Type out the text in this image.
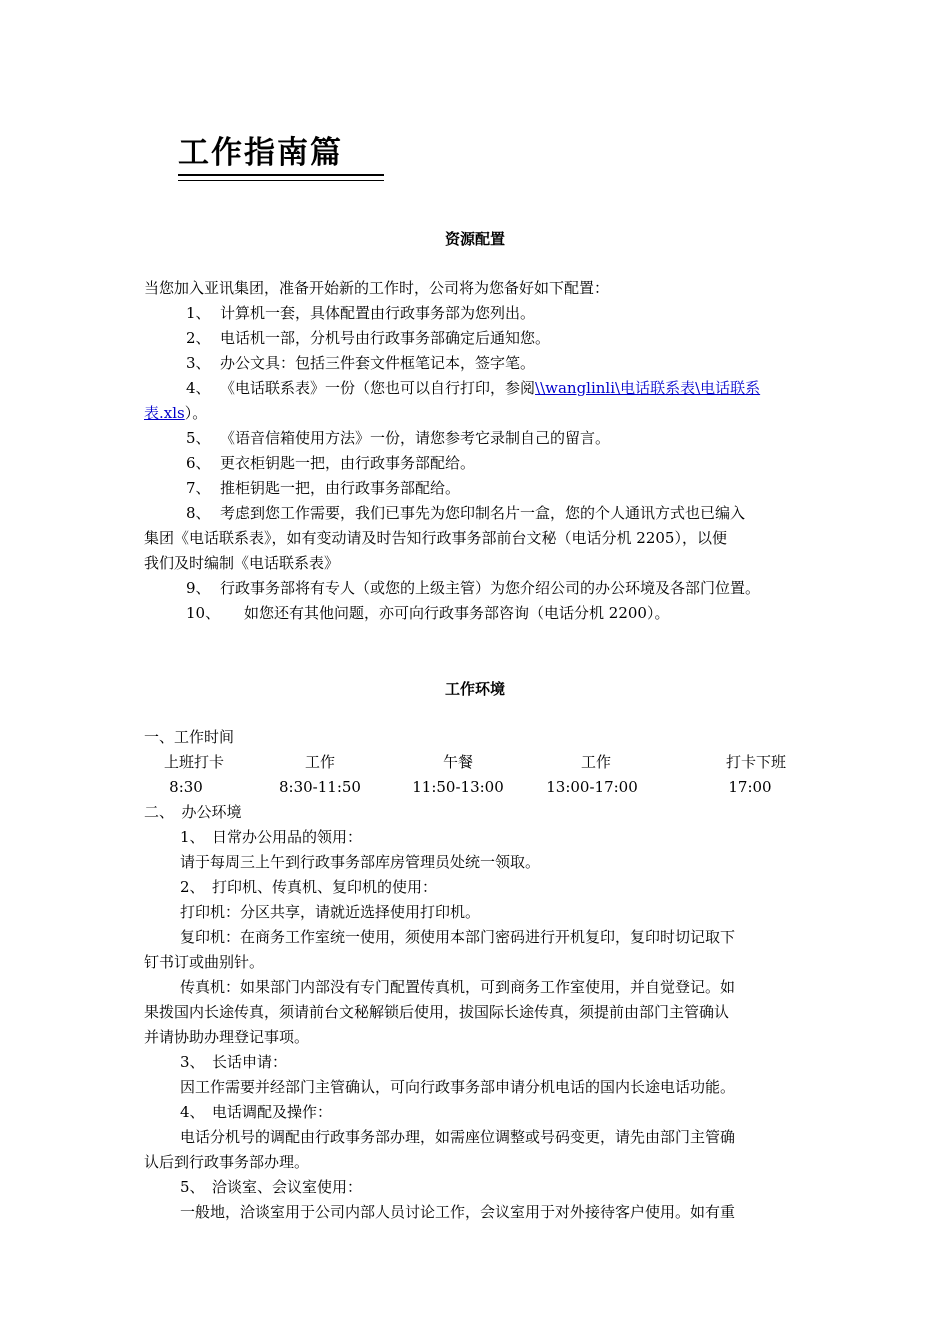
工作指南篇
资源配置
当您加入亚讯集团，准备开始新的工作时，公司将为您备好如下配置：
1、 计算机一套，具体配置由行政事务部为您列出。
2、 电话机一部，分机号由行政事务部确定后通知您。
3、 办公文具：包括三件套文件框笔记本，签字笔。
4、 《电话联系表》一份（您也可以自行打印，参阅\\wanglinli\电话联系表\电话联系
表.xls）。
5、 《语音信箱使用方法》一份，请您参考它录制自己的留言。
6、 更衣柜钥匙一把，由行政事务部配给。
7、 推柜钥匙一把，由行政事务部配给。
8、 考虑到您工作需要，我们已事先为您印制名片一盒，您的个人通讯方式也已编入
集团《电话联系表》，如有变动请及时告知行政事务部前台文秘（电话分机 2205），以便
我们及时编制《电话联系表》
9、 行政事务部将有专人（或您的上级主管）为您介绍公司的办公环境及各部门位置。
10、 如您还有其他问题，亦可向行政事务部咨询（电话分机 2200）。
工作环境
一、工作时间
上班打卡	工作	午餐	工作	打卡下班
8:30	8:30-11:50	11:50-13:00	13:00-17:00	17:00
二、　办公环境
1、　日常办公用品的领用：
请于每周三上午到行政事务部库房管理员处统一领取。
2、　打印机、传真机、复印机的使用：
打印机：分区共享，请就近选择使用打印机。
复印机：在商务工作室统一使用，须使用本部门密码进行开机复印，复印时切记取下
钉书订或曲别针。
传真机：如果部门内部没有专门配置传真机，可到商务工作室使用，并自觉登记。如
果拨国内长途传真，须请前台文秘解锁后使用，拔国际长途传真，须提前由部门主管确认
并请协助办理登记事项。
3、　长话申请：
因工作需要并经部门主管确认，可向行政事务部申请分机电话的国内长途电话功能。
4、　电话调配及操作：
电话分机号的调配由行政事务部办理，如需座位调整或号码变更，请先由部门主管确
认后到行政事务部办理。
5、　洽谈室、会议室使用：
一般地，洽谈室用于公司内部人员讨论工作，会议室用于对外接待客户使用。如有重
